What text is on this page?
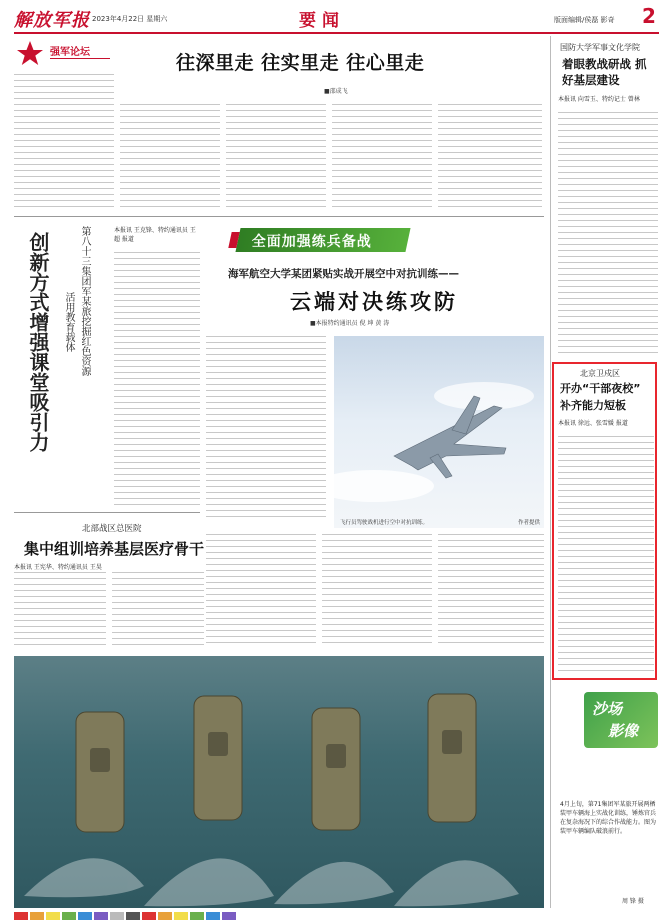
解放军报 2023年4月22日 星期六	要闻	版面编辑/侯磊 影奇 2
强军论坛	往深里走 往实里走 往心里走
■邵成飞
第八十三集团军某旅挖掘红色资源
活用教育载体
创新方式增强课堂吸引力
本报讯 王克锋、特约通讯员 王超 报道	全面加强练兵备战
海军航空大学某团紧贴实战开展空中对抗训练——
云端对决练攻防
■本报特约通讯员 倪 坤 黄 涛
飞行员驾驶战机进行空中对抗训练。	作者提供
北部战区总医院
集中组训培养基层医疗骨干
本报讯 王宪华、特约通讯员 王昊
国防大学军事文化学院
着眼教战研战 抓好基层建设
本报讯 向雪玉、特约记士 曾林
北京卫戍区
开办“干部夜校” 补齐能力短板
本报讯 徐远、张雪媛 报道
沙场
影像
4月上旬，第71集团军某旅开展两栖装甲车辆海上实战化训练，锤炼官兵在复杂海况下的综合作战能力。图为装甲车辆编队破浪前行。
周 锋 摄
